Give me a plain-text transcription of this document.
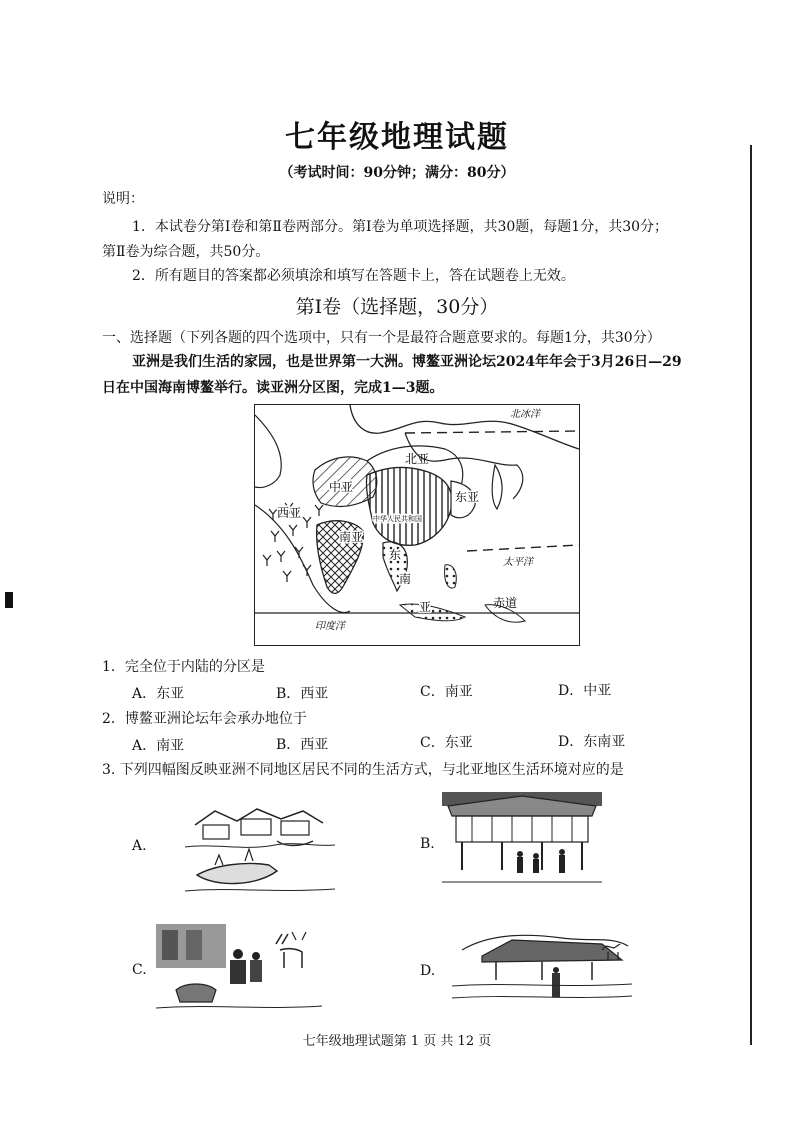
七年级地理试题
（考试时间：90分钟；满分：80分）
说明：
1．本试卷分第Ⅰ卷和第Ⅱ卷两部分。第Ⅰ卷为单项选择题，共30题，每题1分，共30分；
第Ⅱ卷为综合题，共50分。
2．所有题目的答案都必须填涂和填写在答题卡上，答在试题卷上无效。
第Ⅰ卷（选择题，30分）
一、选择题（下列各题的四个选项中，只有一个是最符合题意要求的。每题1分，共30分）
亚洲是我们生活的家园，也是世界第一大洲。博鳌亚洲论坛2024年年会于3月26日—29
日在中国海南博鳌举行。读亚洲分区图，完成1—3题。
北冰洋
北亚
中亚
西亚
东亚
中华人民共和国
南亚
东
南
亚
太平洋
赤道
印度洋
1．完全位于内陆的分区是
A．东亚	B．西亚	C．南亚	D．中亚
2．博鳌亚洲论坛年会承办地位于
A．南亚	B．西亚	C．东亚	D．东南亚
3. 下列四幅图反映亚洲不同地区居民不同的生活方式，与北亚地区生活环境对应的是
A.	B.
C.	D.
七年级地理试题第 1 页 共 12 页
